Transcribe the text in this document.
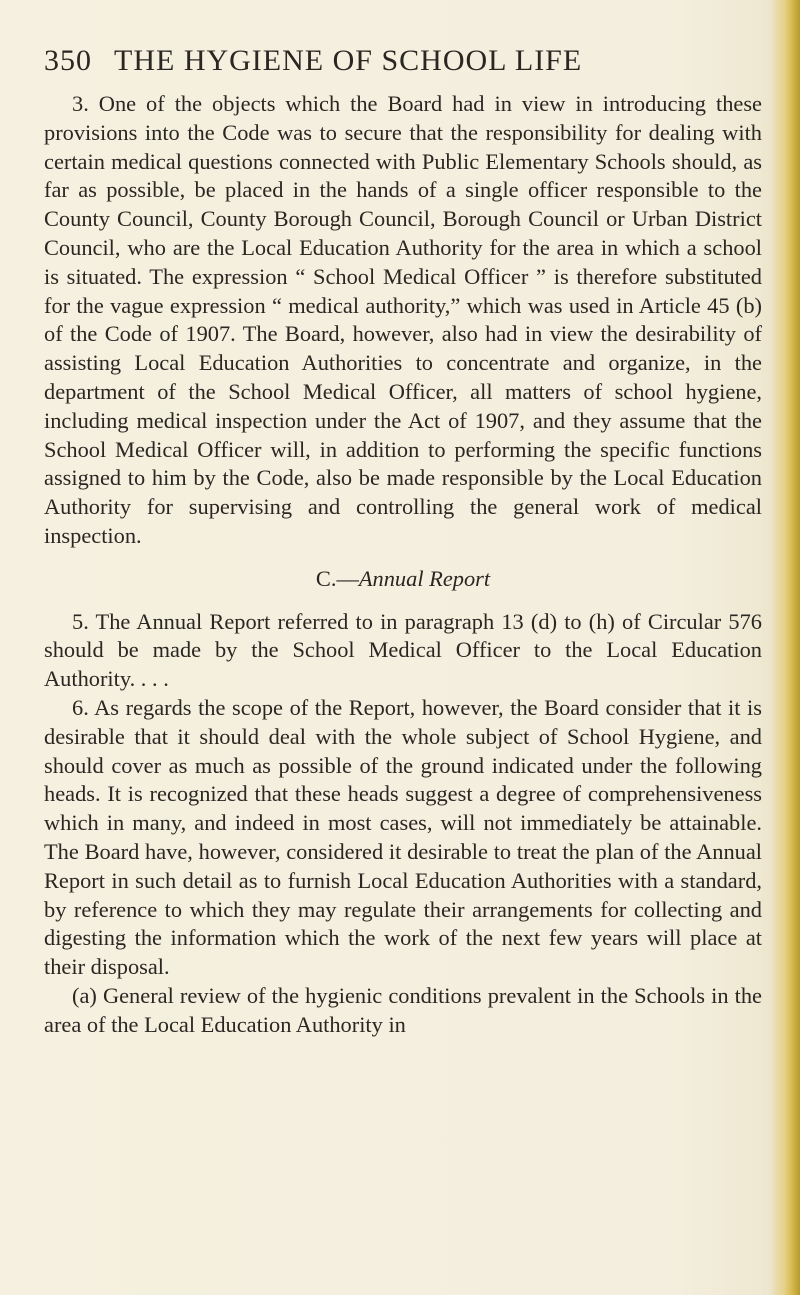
350 THE HYGIENE OF SCHOOL LIFE

3. One of the objects which the Board had in view in introducing these provisions into the Code was to secure that the responsibility for dealing with certain medical questions connected with Public Elementary Schools should, as far as possible, be placed in the hands of a single officer responsible to the County Council, County Borough Council, Borough Council or Urban District Council, who are the Local Education Authority for the area in which a school is situated. The expression “ School Medical Officer ” is therefore substituted for the vague expression “ medical authority,” which was used in Article 45 (b) of the Code of 1907. The Board, however, also had in view the desirability of assisting Local Education Authorities to concentrate and organize, in the department of the School Medical Officer, all matters of school hygiene, including medical inspection under the Act of 1907, and they assume that the School Medical Officer will, in addition to performing the specific functions assigned to him by the Code, also be made responsible by the Local Education Authority for supervising and controlling the general work of medical inspection.

C.—Annual Report

5. The Annual Report referred to in paragraph 13 (d) to (h) of Circular 576 should be made by the School Medical Officer to the Local Education Authority. . . .

6. As regards the scope of the Report, however, the Board consider that it is desirable that it should deal with the whole subject of School Hygiene, and should cover as much as possible of the ground indicated under the following heads. It is recognized that these heads suggest a degree of comprehensiveness which in many, and indeed in most cases, will not immediately be attainable. The Board have, however, considered it desirable to treat the plan of the Annual Report in such detail as to furnish Local Education Authorities with a standard, by reference to which they may regulate their arrangements for collecting and digesting the information which the work of the next few years will place at their disposal.

(a) General review of the hygienic conditions prevalent in the Schools in the area of the Local Education Authority in
